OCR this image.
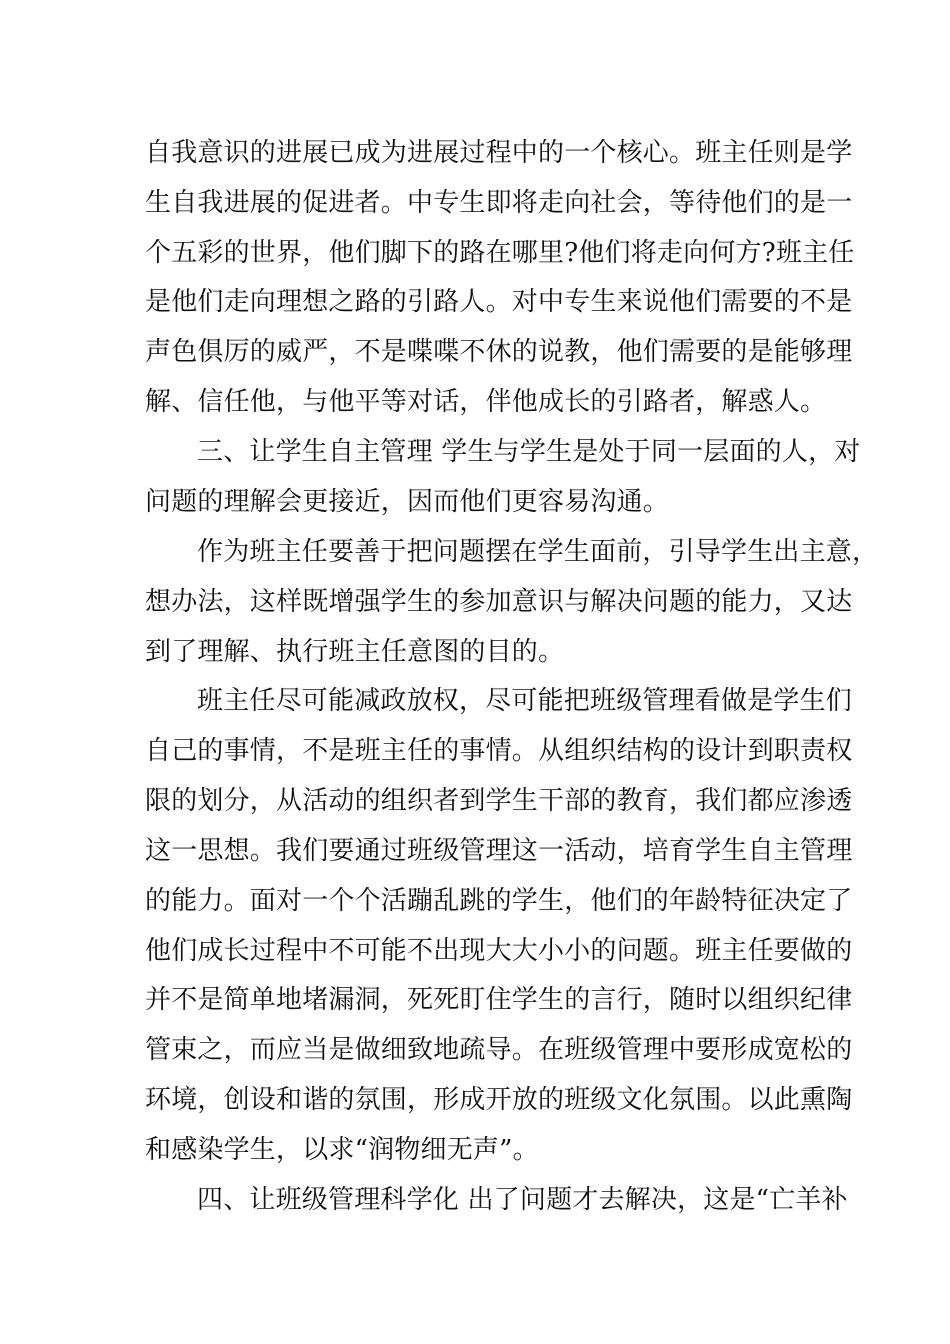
自我意识的进展已成为进展过程中的一个核心。班主任则是学
生自我进展的促进者。中专生即将走向社会，等待他们的是一
个五彩的世界，他们脚下的路在哪里?他们将走向何方?班主任
是他们走向理想之路的引路人。对中专生来说他们需要的不是
声色俱厉的威严，不是喋喋不休的说教，他们需要的是能够理
解、信任他，与他平等对话，伴他成长的引路者，解惑人。
三、让学生自主管理 学生与学生是处于同一层面的人，对
问题的理解会更接近，因而他们更容易沟通。
作为班主任要善于把问题摆在学生面前，引导学生出主意，
想办法，这样既增强学生的参加意识与解决问题的能力，又达
到了理解、执行班主任意图的目的。
班主任尽可能减政放权，尽可能把班级管理看做是学生们
自己的事情，不是班主任的事情。从组织结构的设计到职责权
限的划分，从活动的组织者到学生干部的教育，我们都应渗透
这一思想。我们要通过班级管理这一活动，培育学生自主管理
的能力。面对一个个活蹦乱跳的学生，他们的年龄特征决定了
他们成长过程中不可能不出现大大小小的问题。班主任要做的
并不是简单地堵漏洞，死死盯住学生的言行，随时以组织纪律
管束之，而应当是做细致地疏导。在班级管理中要形成宽松的
环境，创设和谐的氛围，形成开放的班级文化氛围。以此熏陶
和感染学生，以求“润物细无声”。
四、让班级管理科学化 出了问题才去解决，这是“亡羊补
